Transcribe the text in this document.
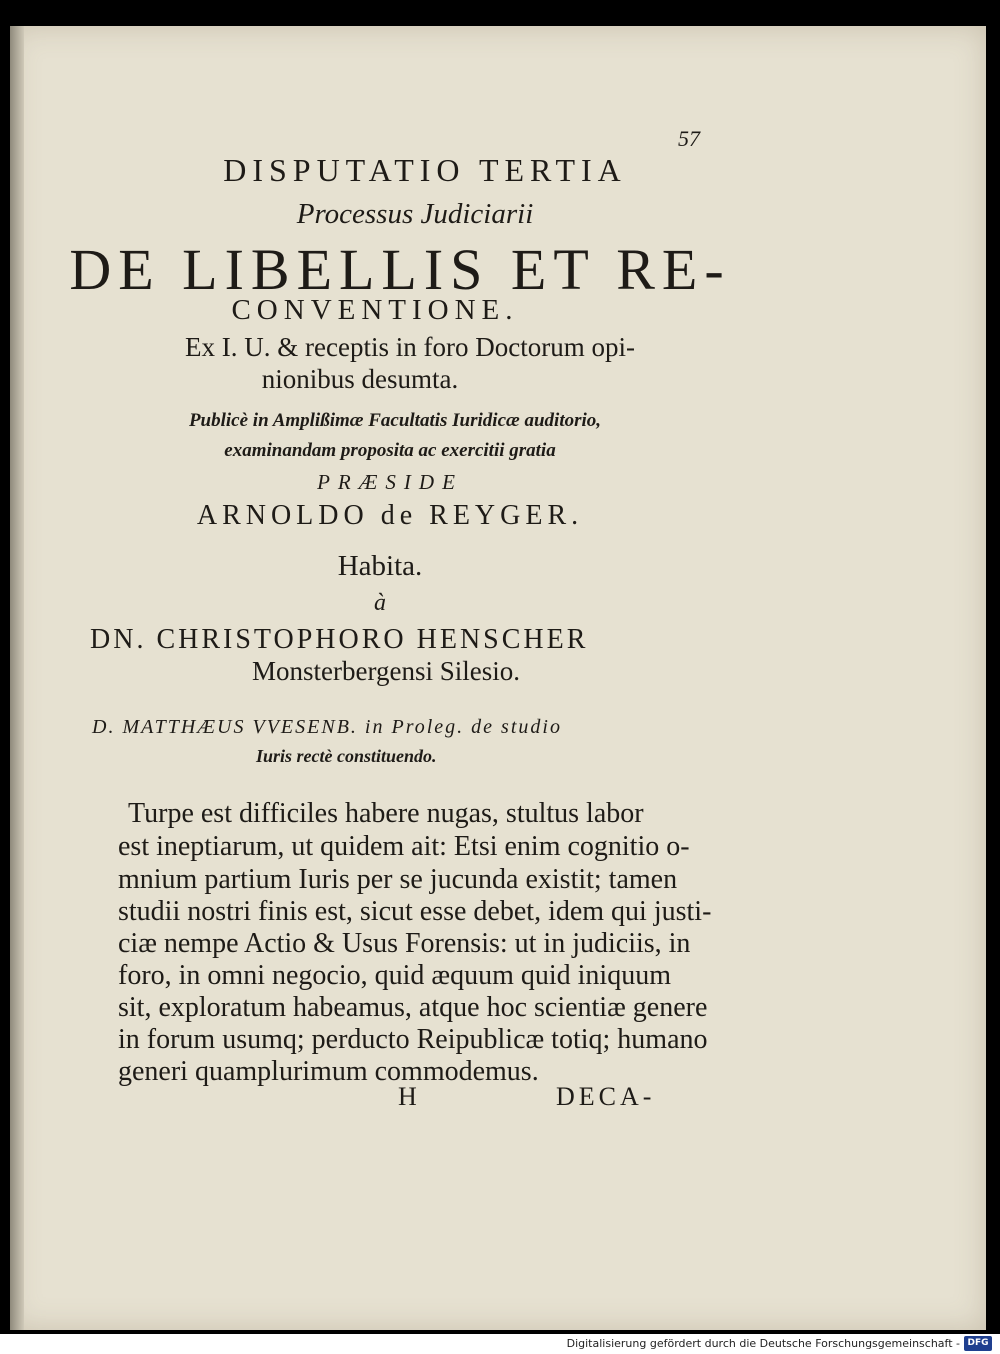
57
DISPUTATIO TERTIA
Processus Judiciarii
DE LIBELLIS ET RE-
CONVENTIONE.
Ex I. U. & receptis in foro Doctorum opi-
nionibus desumta.
Publicè in Amplißimæ Facultatis Iuridicæ auditorio,
examinandam proposita ac exercitii gratia
PRÆSIDE
ARNOLDO de REYGER.
Habita.
à
DN. CHRISTOPHORO HENSCHER
Monsterbergensi Silesio.
D. MATTHÆUS VVESENB. in Proleg. de studio
Iuris rectè constituendo.
Turpe est difficiles habere nugas, stultus labor
est ineptiarum, ut quidem ait: Etsi enim cognitio o-
mnium partium Iuris per se jucunda existit; tamen
studii nostri finis est, sicut esse debet, idem qui justi-
ciæ nempe Actio & Usus Forensis: ut in judiciis, in
foro, in omni negocio, quid æquum quid iniquum
sit, exploratum habeamus, atque hoc scientiæ genere
in forum usumq; perducto Reipublicæ totiq; humano
generi quamplurimum commodemus.
H	DECA-
Digitalisierung gefördert durch die Deutsche Forschungsgemeinschaft - DFG
